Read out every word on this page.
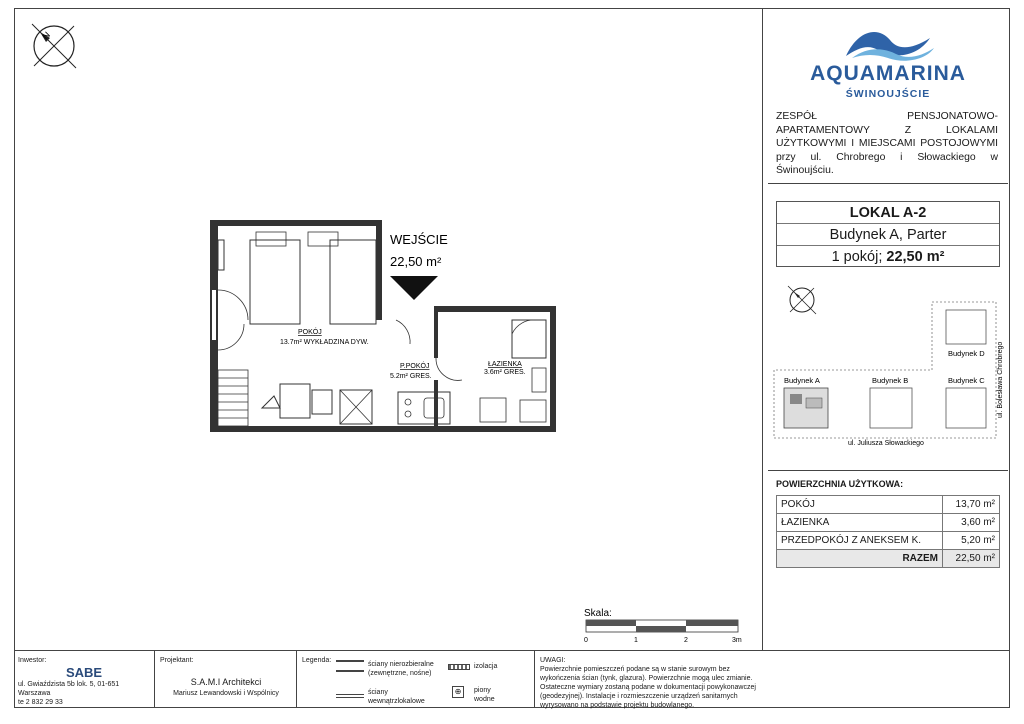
N
AQUAMARINA
ŚWINOUJŚCIE
ZESPÓŁ PENSJONATOWO-APARTAMENTOWY Z LOKALAMI UŻYTKOWYMI I MIEJSCAMI POSTOJOWYMI przy ul. Chrobrego i Słowackiego w Świnoujściu.
LOKAL A-2
Budynek A, Parter
1 pokój; 22,50 m²
Budynek D
Budynek A	Budynek B	Budynek C
ul. Juliusza Słowackiego
ul. Bolesława Chrobrego
POWIERZCHNIA UŻYTKOWA:
POKÓJ	13,70 m²
ŁAZIENKA	3,60 m²
PRZEDPOKÓJ Z ANEKSEM K.	5,20 m²
RAZEM	22,50 m²
WEJŚCIE
22,50 m²
POKÓJ
13.7m² WYKŁADZINA DYW.
P.POKÓJ
5.2m² GRES.
ŁAZIENKA
3.6m² GRES.
Skala:
0	1	2	3m
Inwestor:
SABE
ul. Gwiaździsta 5b lok. 5, 01-651 Warszawa
te 2 832 29 33
Projektant:
S.A.M.I Architekci
Mariusz Lewandowski i Wspólnicy
Legenda:
ściany nierozbieralne (zewnętrzne, nośne)
ściany wewnątrzlokalowe
izolacja
⊕	piony wodne
UWAGI:
Powierzchnie pomieszczeń podane są w stanie surowym bez wykończenia ścian (tynk, glazura). Powierzchnie mogą ulec zmianie. Ostateczne wymiary zostaną podane w dokumentacji powykonawczej (geodezyjnej). Instalacje i rozmieszczenie urządzeń sanitarnych wyrysowano na podstawie projektu budowlanego.
